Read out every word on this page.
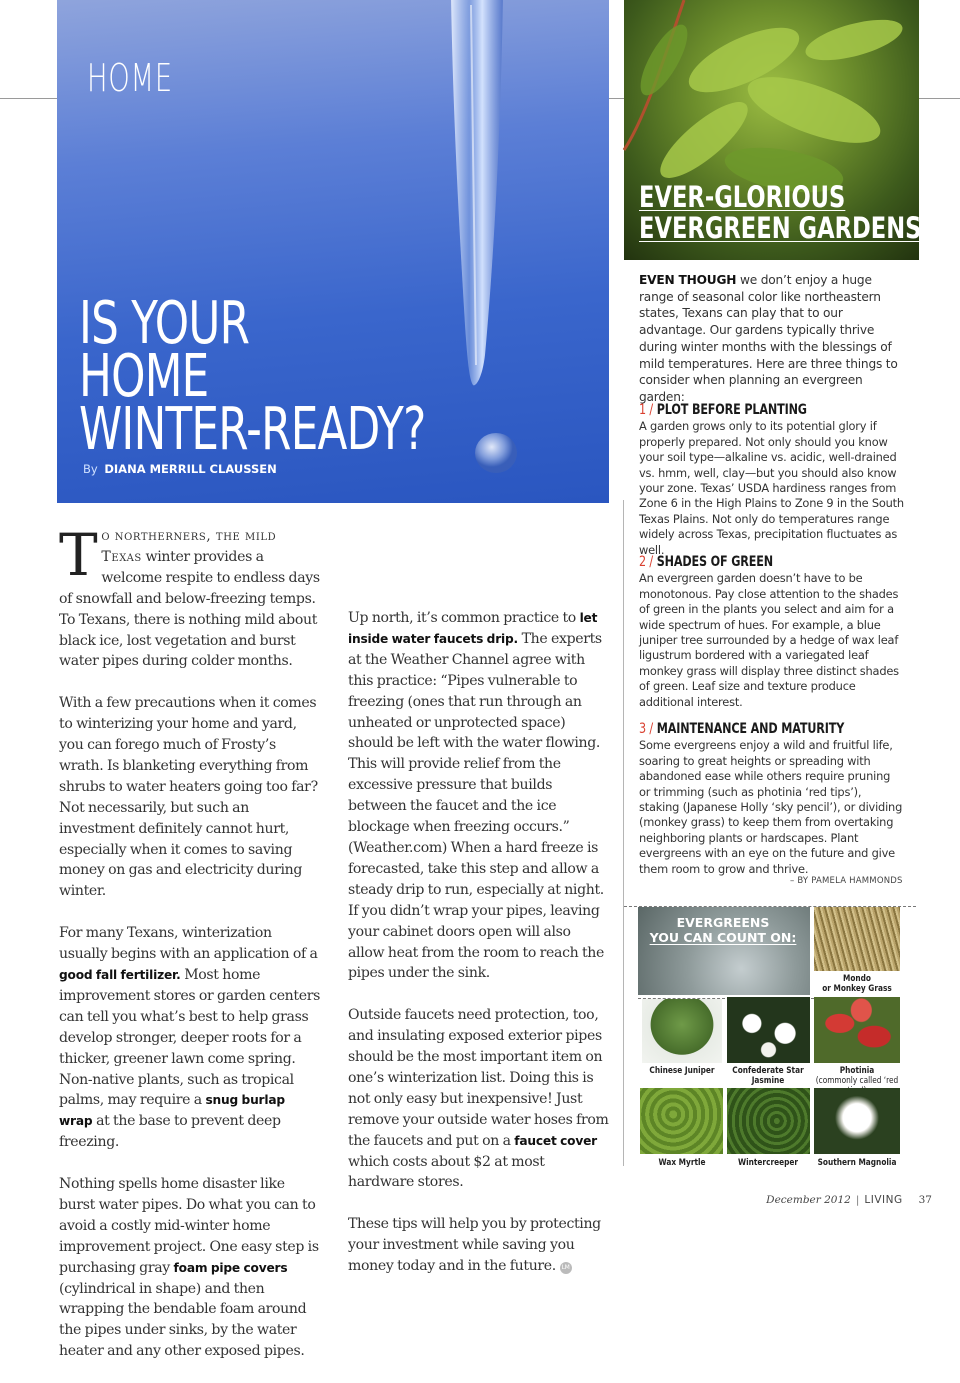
HOME
IS YOUR
HOME
WINTER-READY?
By DIANA MERRILL CLAUSSEN

To northerners, the mild Texas winter provides a welcome respite to endless days of snowfall and below-freezing temps. To Texans, there is nothing mild about black ice, lost vegetation and burst water pipes during colder months.

With a few precautions when it comes to winterizing your home and yard, you can forego much of Frosty’s wrath. Is blanketing everything from shrubs to water heaters going too far? Not necessarily, but such an investment definitely cannot hurt, especially when it comes to saving money on gas and electricity during winter.

For many Texans, winterization usually begins with an application of a good fall fertilizer. Most home improvement stores or garden centers can tell you what’s best to help grass develop stronger, deeper roots for a thicker, greener lawn come spring. Non-native plants, such as tropical palms, may require a snug burlap wrap at the base to prevent deep freezing.

Nothing spells home disaster like burst water pipes. Do what you can to avoid a costly mid-winter home improvement project. One easy step is purchasing gray foam pipe covers (cylindrical in shape) and then wrapping the bendable foam around the pipes under sinks, by the water heater and any other exposed pipes.

Up north, it’s common practice to let inside water faucets drip. The experts at the Weather Channel agree with this practice: “Pipes vulnerable to freezing (ones that run through an unheated or unprotected space) should be left with the water flowing. This will provide relief from the excessive pressure that builds between the faucet and the ice blockage when freezing occurs.” (Weather.com) When a hard freeze is forecasted, take this step and allow a steady drip to run, especially at night. If you didn’t wrap your pipes, leaving your cabinet doors open will also allow heat from the room to reach the pipes under the sink.

Outside faucets need protection, too, and insulating exposed exterior pipes should be the most important item on one’s winterization list. Doing this is not only easy but inexpensive! Just remove your outside water hoses from the faucets and put on a faucet cover which costs about $2 at most hardware stores.

These tips will help you by protecting your investment while saving you money today and in the future. LM

EVER-GLORIOUS
EVERGREEN GARDENS
EVEN THOUGH we don’t enjoy a huge range of seasonal color like northeastern states, Texans can play that to our advantage. Our gardens typically thrive during winter months with the blessings of mild temperatures. Here are three things to consider when planning an evergreen garden:
1 / PLOT BEFORE PLANTING
A garden grows only to its potential glory if properly prepared. Not only should you know your soil type—alkaline vs. acidic, well-drained vs. hmm, well, clay—but you should also know your zone. Texas’ USDA hardiness ranges from Zone 6 in the High Plains to Zone 9 in the South Texas Plains. Not only do temperatures range widely across Texas, precipitation fluctuates as well.
2 / SHADES OF GREEN
An evergreen garden doesn’t have to be monotonous. Pay close attention to the shades of green in the plants you select and aim for a wide spectrum of hues. For example, a blue juniper tree surrounded by a hedge of wax leaf ligustrum bordered with a variegated leaf monkey grass will display three distinct shades of green. Leaf size and texture produce additional interest.
3 / MAINTENANCE AND MATURITY
Some evergreens enjoy a wild and fruitful life, soaring to great heights or spreading with abandoned ease while others require pruning or trimming (such as photinia ‘red tips’), staking (Japanese Holly ‘sky pencil’), or dividing (monkey grass) to keep them from overtaking neighboring plants or hardscapes. Plant evergreens with an eye on the future and give them room to grow and thrive.
– BY PAMELA HAMMONDS
EVERGREENS
YOU CAN COUNT ON:
Mondo
or Monkey Grass
Chinese Juniper	Confederate Star
Jasmine
Photinia
(commonly called ‘red
Wax Myrtle	Wintercreeper	Southern Magnolia
December 2012 | LIVING 37
